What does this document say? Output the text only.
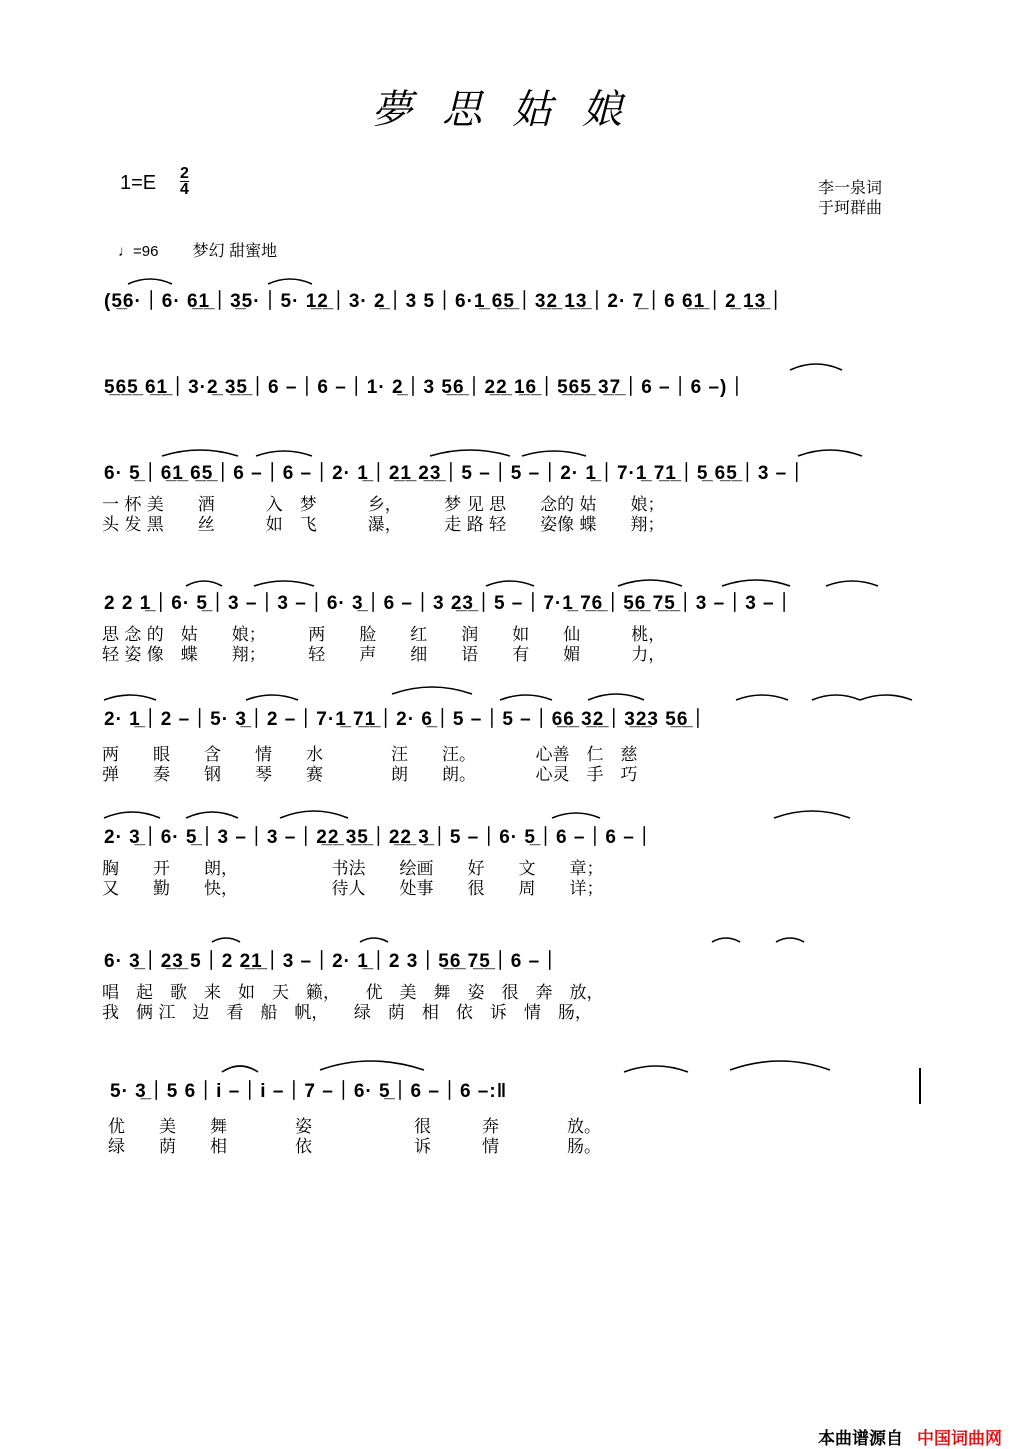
夢思姑娘
$1=E \frac{2}{4}$	李一泉词
于珂群曲
♩=96 梦幻 甜蜜地
(5̲6·｜6· 6̲1̲｜3̲5·｜5· 1̲2̲｜3· 2̲｜3 5｜6·1̲ 6̲5̲｜3̲2̲ 1̲3̲｜2· 7̲｜6 6̲1̲｜2̲ 1̲3̲｜
5̲6̲5̲ 6̲1̲｜3·2̲ 3̲5̲｜6 –｜6 –｜1· 2̲｜3 5̲6̲｜2̲2̲ 1̲6̲｜5̲6̲5̲ 3̲7̲｜6 –｜6 –)｜
6· 5̲｜6̲1̲ 6̲5̲｜6 –｜6 –｜2· 1̲｜2̲1̲ 2̲3̲｜5 –｜5 –｜2· 1̲｜7·1̲ 7̲1̲｜5̲ 6̲5̲｜3 –｜
一 杯 美　　酒　　　入　梦　　　乡，　　　梦 见 思　　念的 姑　　娘；
头 发 黑　　丝　　　如　飞　　　瀑，　　　走 路 轻　　姿像 蝶　　翔；
2 2 1̲｜6· 5̲｜3 –｜3 –｜6· 3̲｜6 –｜3 2̲3̲｜5 –｜7·1̲ 7̲6̲｜5̲6̲ 7̲5̲｜3 –｜3 –｜
思 念 的　姑　　娘；　　　两　　脸　　红　　润　　如　　仙　　　桃，
轻 姿 像　蝶　　翔；　　　轻　　声　　细　　语　　有　　媚　　　力，
2· 1̲｜2 –｜5· 3̲｜2 –｜7·1̲ 7̲1̲｜2· 6̲｜5 –｜5 –｜6̲6̲ 3̲2̲｜3̲2̲3 5̲6̲｜
两　　眼　　含　　情　　水　　　　汪　　汪。　　　　心善　仁　慈
弹　　奏　　钢　　琴　　赛　　　　朗　　朗。　　　　心灵　手　巧
2· 3̲｜6· 5̲｜3 –｜3 –｜2̲2̲ 3̲5̲｜2̲2̲ 3̲｜5 –｜6· 5̲｜6 –｜6 –｜
胸　　开　　朗，　　　　　　书法　　绘画　　好　　文　　章；
又　　勤　　快，　　　　　　待人　　处事　　很　　周　　详；
6· 3̲｜2̲3̲ 5｜2 2̲1̲｜3 –｜2· 1̲｜2 3｜5̲6̲ 7̲5̲｜6 –｜
唱　起　歌　来　如　天　籁，　　优　美　舞　姿　很　奔　放，
我　俩 江　边　看　船　帆，　　绿　荫　相　依　诉　情　肠，
5· 3̲｜5 6｜i –｜i –｜7 –｜6· 5̲｜6 –｜6 –:‖
优　　美　　舞　　　　姿　　　　　　很　　　奔　　　　放。
绿　　荫　　相　　　　依　　　　　　诉　　　情　　　　肠。
本曲谱源自 中国词曲网
